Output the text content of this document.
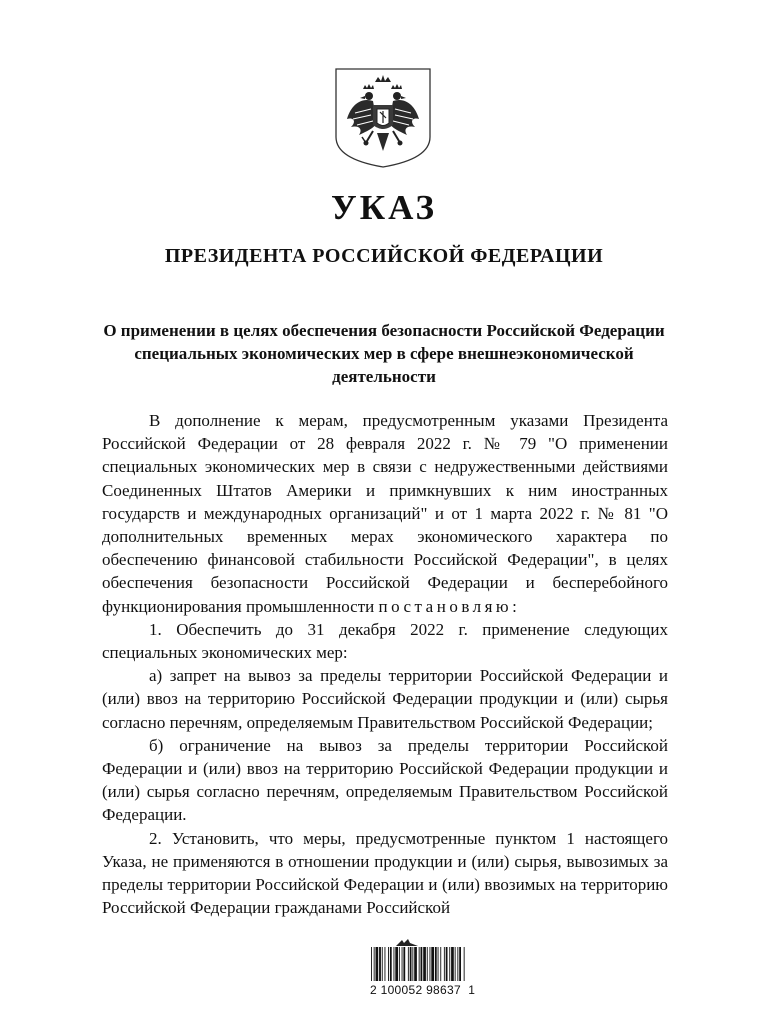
УКАЗ
ПРЕЗИДЕНТА РОССИЙСКОЙ ФЕДЕРАЦИИ
О применении в целях обеспечения безопасности Российской Федерации специальных экономических мер в сфере внешнеэкономической деятельности

В дополнение к мерам, предусмотренным указами Президента Российской Федерации от 28 февраля 2022 г. № 79 "О применении специальных экономических мер в связи с недружественными действиями Соединенных Штатов Америки и примкнувших к ним иностранных государств и международных организаций" и от 1 марта 2022 г. № 81 "О дополнительных временных мерах экономического характера по обеспечению финансовой стабильности Российской Федерации", в целях обеспечения безопасности Российской Федерации и бесперебойного функционирования промышленности постановляю:

1. Обеспечить до 31 декабря 2022 г. применение следующих специальных экономических мер:

а) запрет на вывоз за пределы территории Российской Федерации и (или) ввоз на территорию Российской Федерации продукции и (или) сырья согласно перечням, определяемым Правительством Российской Федерации;

б) ограничение на вывоз за пределы территории Российской Федерации и (или) ввоз на территорию Российской Федерации продукции и (или) сырья согласно перечням, определяемым Правительством Российской Федерации.

2. Установить, что меры, предусмотренные пунктом 1 настоящего Указа, не применяются в отношении продукции и (или) сырья, вывозимых за пределы территории Российской Федерации и (или) ввозимых на территорию Российской Федерации гражданами Российской

2 100052 98637  1
